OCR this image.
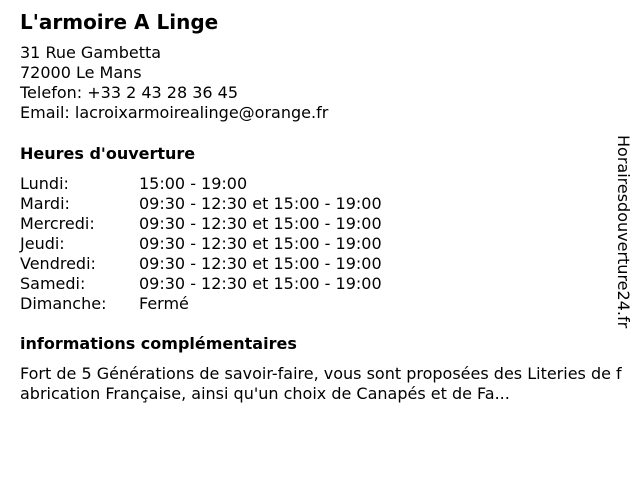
L'armoire A Linge
31 Rue Gambetta
72000 Le Mans
Telefon: +33 2 43 28 36 45
Email: lacroixarmoirealinge@orange.fr
Heures d'ouverture
Lundi:	15:00 - 19:00
Mardi:	09:30 - 12:30 et 15:00 - 19:00
Mercredi:	09:30 - 12:30 et 15:00 - 19:00
Jeudi:	09:30 - 12:30 et 15:00 - 19:00
Vendredi:	09:30 - 12:30 et 15:00 - 19:00
Samedi:	09:30 - 12:30 et 15:00 - 19:00
Dimanche: Fermé
informations complémentaires
Fort de 5 Générations de savoir-faire, vous sont proposées des Literies de fabrication Française, ainsi qu'un choix de Canapés et de Fa...
Horairesdouverture24.fr
